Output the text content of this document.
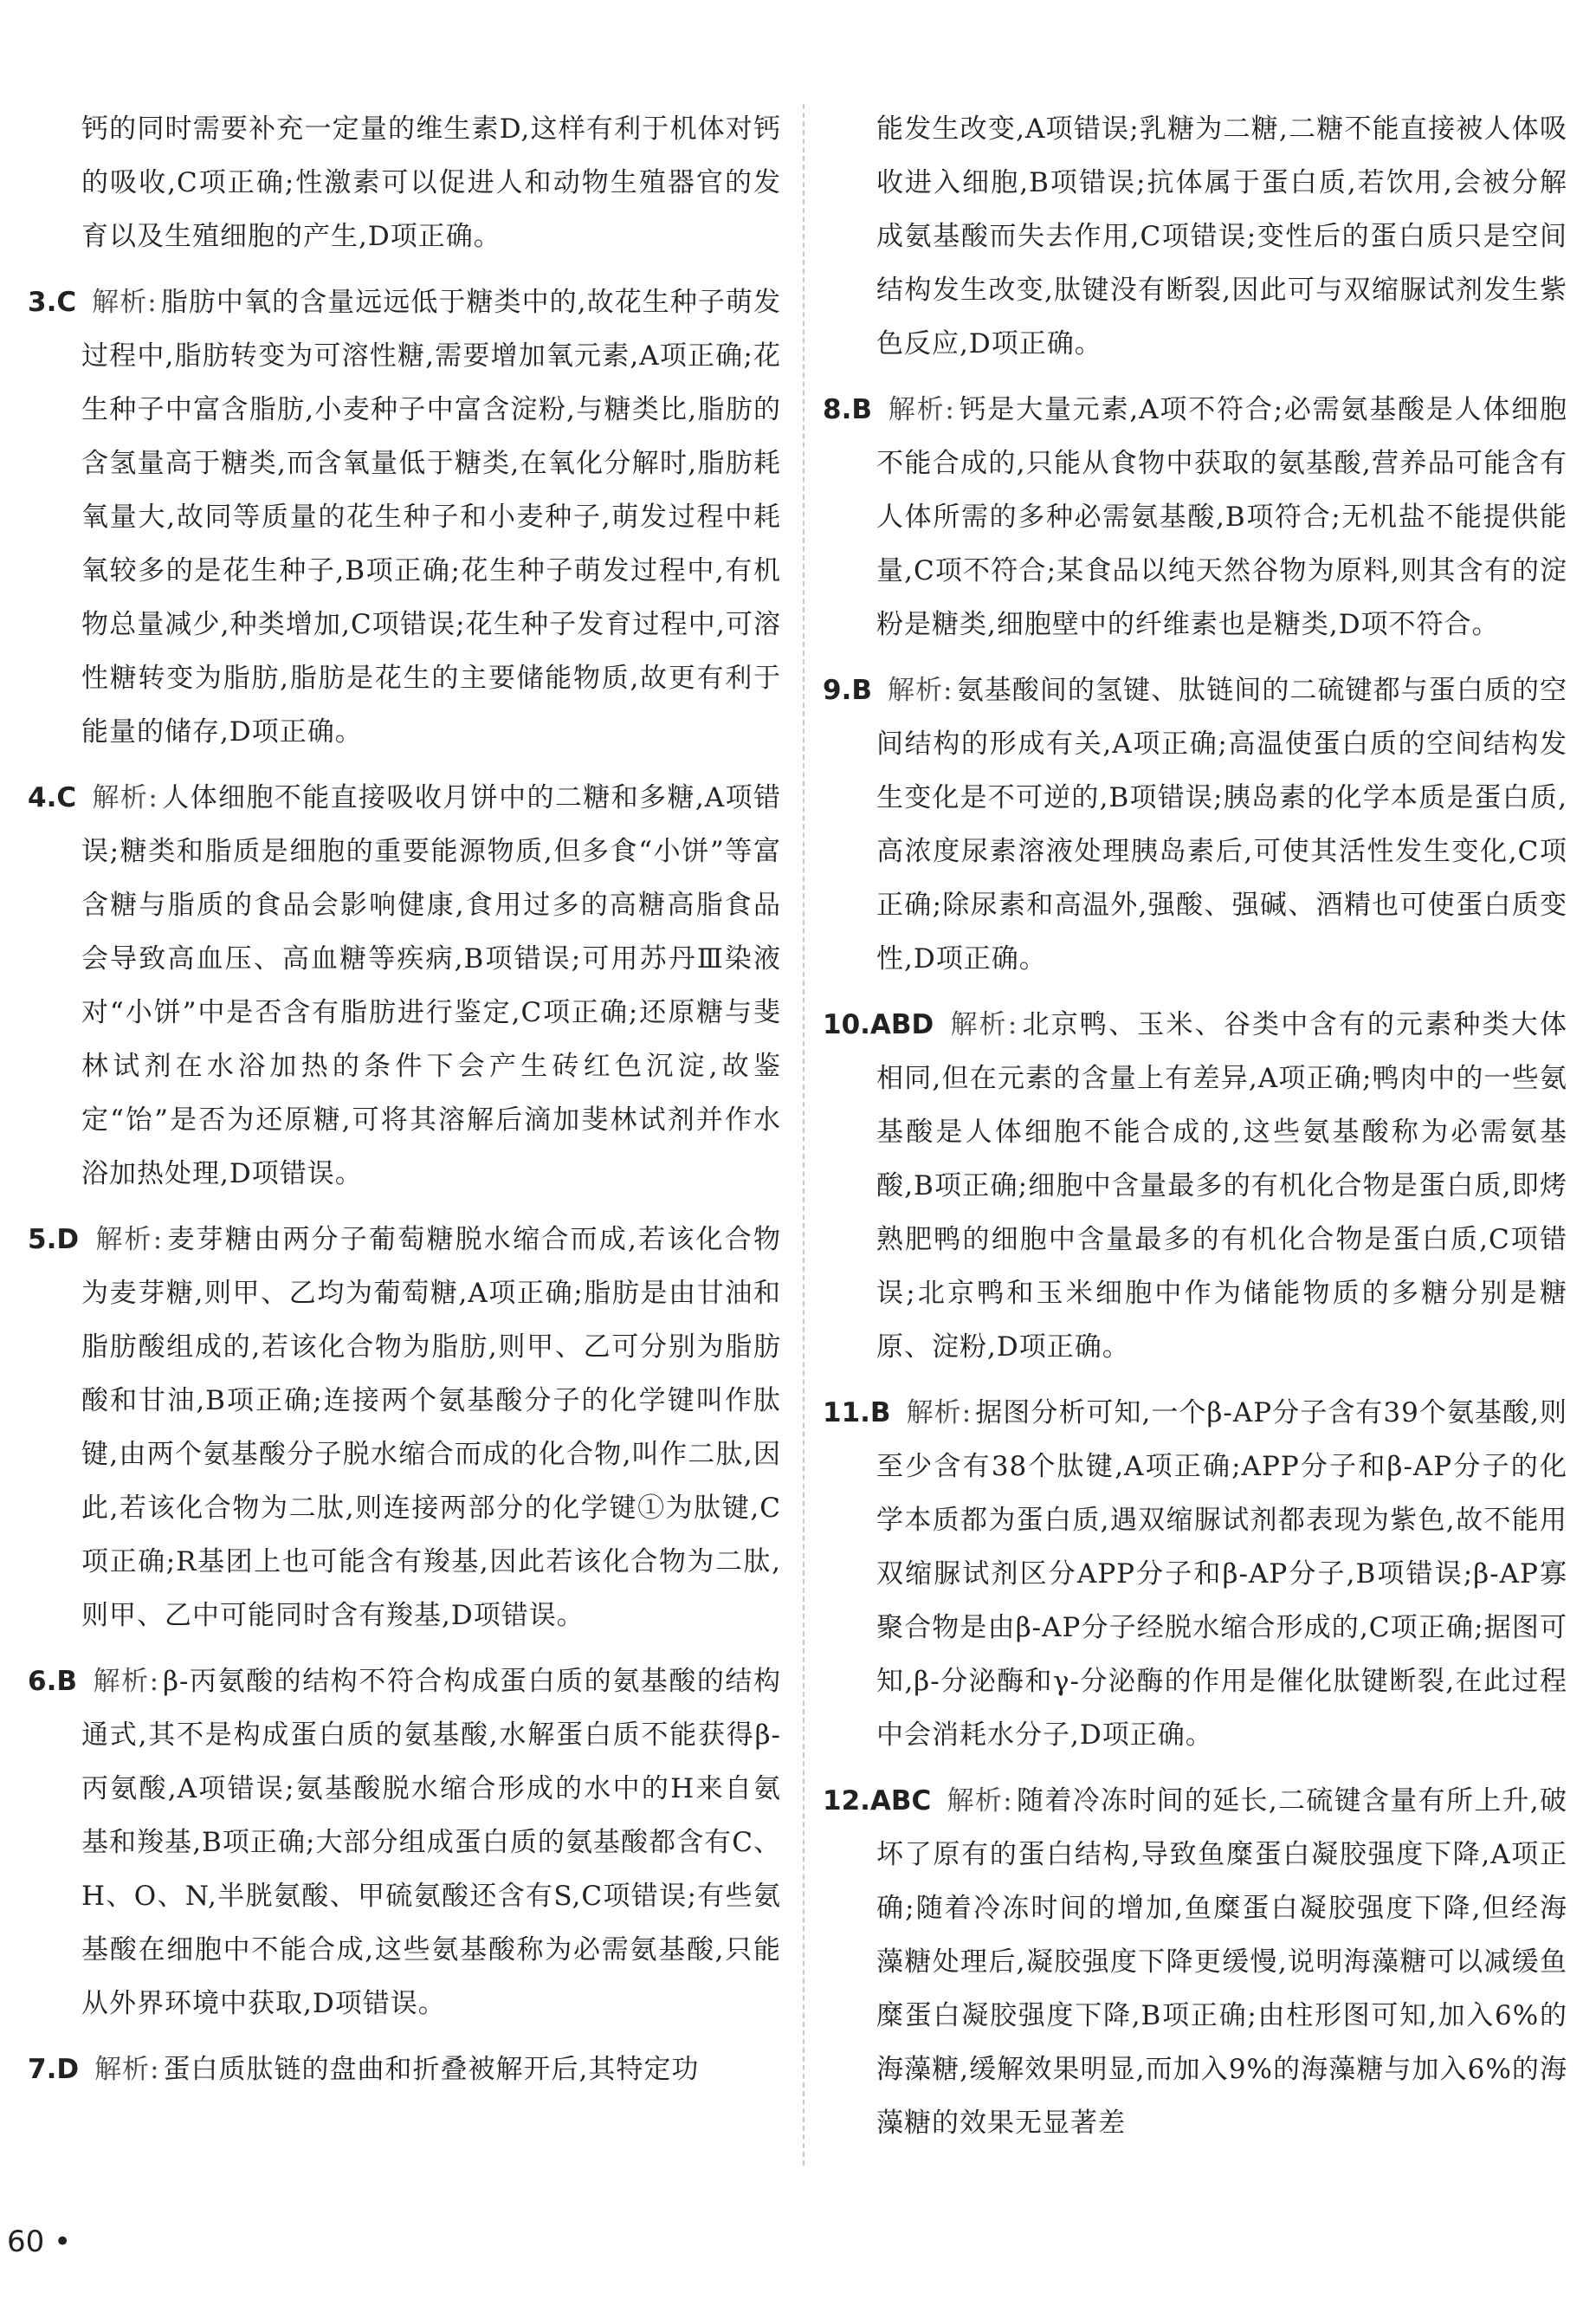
钙的同时需要补充一定量的维生素D,这样有利于机体对钙的吸收,C项正确;性激素可以促进人和动物生殖器官的发育以及生殖细胞的产生,D项正确。

3.C 解析: 脂肪中氧的含量远远低于糖类中的,故花生种子萌发过程中,脂肪转变为可溶性糖,需要增加氧元素,A项正确;花生种子中富含脂肪,小麦种子中富含淀粉,与糖类比,脂肪的含氢量高于糖类,而含氧量低于糖类,在氧化分解时,脂肪耗氧量大,故同等质量的花生种子和小麦种子,萌发过程中耗氧较多的是花生种子,B项正确;花生种子萌发过程中,有机物总量减少,种类增加,C项错误;花生种子发育过程中,可溶性糖转变为脂肪,脂肪是花生的主要储能物质,故更有利于能量的储存,D项正确。

4.C 解析: 人体细胞不能直接吸收月饼中的二糖和多糖,A项错误;糖类和脂质是细胞的重要能源物质,但多食“小饼”等富含糖与脂质的食品会影响健康,食用过多的高糖高脂食品会导致高血压、高血糖等疾病,B项错误;可用苏丹Ⅲ染液对“小饼”中是否含有脂肪进行鉴定,C项正确;还原糖与斐林试剂在水浴加热的条件下会产生砖红色沉淀,故鉴定“饴”是否为还原糖,可将其溶解后滴加斐林试剂并作水浴加热处理,D项错误。

5.D 解析: 麦芽糖由两分子葡萄糖脱水缩合而成,若该化合物为麦芽糖,则甲、乙均为葡萄糖,A项正确;脂肪是由甘油和脂肪酸组成的,若该化合物为脂肪,则甲、乙可分别为脂肪酸和甘油,B项正确;连接两个氨基酸分子的化学键叫作肽键,由两个氨基酸分子脱水缩合而成的化合物,叫作二肽,因此,若该化合物为二肽,则连接两部分的化学键①为肽键,C项正确;R基团上也可能含有羧基,因此若该化合物为二肽,则甲、乙中可能同时含有羧基,D项错误。

6.B 解析: β-丙氨酸的结构不符合构成蛋白质的氨基酸的结构通式,其不是构成蛋白质的氨基酸,水解蛋白质不能获得β-丙氨酸,A项错误;氨基酸脱水缩合形成的水中的H来自氨基和羧基,B项正确;大部分组成蛋白质的氨基酸都含有C、H、O、N,半胱氨酸、甲硫氨酸还含有S,C项错误;有些氨基酸在细胞中不能合成,这些氨基酸称为必需氨基酸,只能从外界环境中获取,D项错误。

7.D 解析: 蛋白质肽链的盘曲和折叠被解开后,其特定功

能发生改变,A项错误;乳糖为二糖,二糖不能直接被人体吸收进入细胞,B项错误;抗体属于蛋白质,若饮用,会被分解成氨基酸而失去作用,C项错误;变性后的蛋白质只是空间结构发生改变,肽键没有断裂,因此可与双缩脲试剂发生紫色反应,D项正确。

8.B 解析: 钙是大量元素,A项不符合;必需氨基酸是人体细胞不能合成的,只能从食物中获取的氨基酸,营养品可能含有人体所需的多种必需氨基酸,B项符合;无机盐不能提供能量,C项不符合;某食品以纯天然谷物为原料,则其含有的淀粉是糖类,细胞壁中的纤维素也是糖类,D项不符合。

9.B 解析: 氨基酸间的氢键、肽链间的二硫键都与蛋白质的空间结构的形成有关,A项正确;高温使蛋白质的空间结构发生变化是不可逆的,B项错误;胰岛素的化学本质是蛋白质,高浓度尿素溶液处理胰岛素后,可使其活性发生变化,C项正确;除尿素和高温外,强酸、强碱、酒精也可使蛋白质变性,D项正确。

10.ABD 解析: 北京鸭、玉米、谷类中含有的元素种类大体相同,但在元素的含量上有差异,A项正确;鸭肉中的一些氨基酸是人体细胞不能合成的,这些氨基酸称为必需氨基酸,B项正确;细胞中含量最多的有机化合物是蛋白质,即烤熟肥鸭的细胞中含量最多的有机化合物是蛋白质,C项错误;北京鸭和玉米细胞中作为储能物质的多糖分别是糖原、淀粉,D项正确。

11.B 解析: 据图分析可知,一个β-AP分子含有39个氨基酸,则至少含有38个肽键,A项正确;APP分子和β-AP分子的化学本质都为蛋白质,遇双缩脲试剂都表现为紫色,故不能用双缩脲试剂区分APP分子和β-AP分子,B项错误;β-AP寡聚合物是由β-AP分子经脱水缩合形成的,C项正确;据图可知,β-分泌酶和γ-分泌酶的作用是催化肽键断裂,在此过程中会消耗水分子,D项正确。

12.ABC 解析: 随着冷冻时间的延长,二硫键含量有所上升,破坏了原有的蛋白结构,导致鱼糜蛋白凝胶强度下降,A项正确;随着冷冻时间的增加,鱼糜蛋白凝胶强度下降,但经海藻糖处理后,凝胶强度下降更缓慢,说明海藻糖可以减缓鱼糜蛋白凝胶强度下降,B项正确;由柱形图可知,加入6%的海藻糖,缓解效果明显,而加入9%的海藻糖与加入6%的海藻糖的效果无显著差

60 •
